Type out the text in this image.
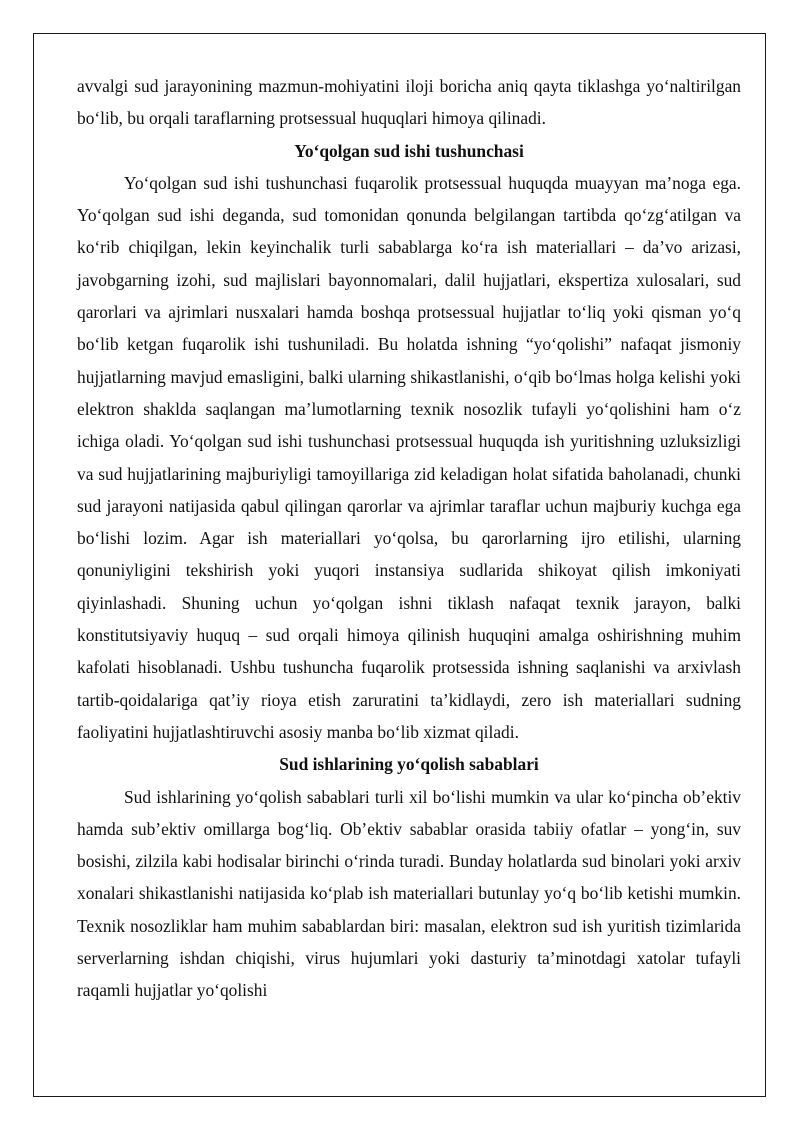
avvalgi sud jarayonining mazmun-mohiyatini iloji boricha aniq qayta tiklashga yo‘naltirilgan bo‘lib, bu orqali taraflarning protsessual huquqlari himoya qilinadi.

Yo‘qolgan sud ishi tushunchasi

Yo‘qolgan sud ishi tushunchasi fuqarolik protsessual huquqda muayyan ma’noga ega. Yo‘qolgan sud ishi deganda, sud tomonidan qonunda belgilangan tartibda qo‘zg‘atilgan va ko‘rib chiqilgan, lekin keyinchalik turli sabablarga ko‘ra ish materiallari – da’vo arizasi, javobgarning izohi, sud majlislari bayonnomalari, dalil hujjatlari, ekspertiza xulosalari, sud qarorlari va ajrimlari nusxalari hamda boshqa protsessual hujjatlar to‘liq yoki qisman yo‘q bo‘lib ketgan fuqarolik ishi tushuniladi. Bu holatda ishning “yo‘qolishi” nafaqat jismoniy hujjatlarning mavjud emasligini, balki ularning shikastlanishi, o‘qib bo‘lmas holga kelishi yoki elektron shaklda saqlangan ma’lumotlarning texnik nosozlik tufayli yo‘qolishini ham o‘z ichiga oladi. Yo‘qolgan sud ishi tushunchasi protsessual huquqda ish yuritishning uzluksizligi va sud hujjatlarining majburiyligi tamoyillariga zid keladigan holat sifatida baholanadi, chunki sud jarayoni natijasida qabul qilingan qarorlar va ajrimlar taraflar uchun majburiy kuchga ega bo‘lishi lozim. Agar ish materiallari yo‘qolsa, bu qarorlarning ijro etilishi, ularning qonuniyligini tekshirish yoki yuqori instansiya sudlarida shikoyat qilish imkoniyati qiyinlashadi. Shuning uchun yo‘qolgan ishni tiklash nafaqat texnik jarayon, balki konstitutsiyaviy huquq – sud orqali himoya qilinish huquqini amalga oshirishning muhim kafolati hisoblanadi. Ushbu tushuncha fuqarolik protsessida ishning saqlanishi va arxivlash tartib-qoidalariga qat’iy rioya etish zaruratini ta’kidlaydi, zero ish materiallari sudning faoliyatini hujjatlashtiruvchi asosiy manba bo‘lib xizmat qiladi.

Sud ishlarining yo‘qolish sabablari

Sud ishlarining yo‘qolish sabablari turli xil bo‘lishi mumkin va ular ko‘pincha ob’ektiv hamda sub’ektiv omillarga bog‘liq. Ob’ektiv sabablar orasida tabiiy ofatlar – yong‘in, suv bosishi, zilzila kabi hodisalar birinchi o‘rinda turadi. Bunday holatlarda sud binolari yoki arxiv xonalari shikastlanishi natijasida ko‘plab ish materiallari butunlay yo‘q bo‘lib ketishi mumkin. Texnik nosozliklar ham muhim sabablardan biri: masalan, elektron sud ish yuritish tizimlarida serverlarning ishdan chiqishi, virus hujumlari yoki dasturiy ta’minotdagi xatolar tufayli raqamli hujjatlar yo‘qolishi
